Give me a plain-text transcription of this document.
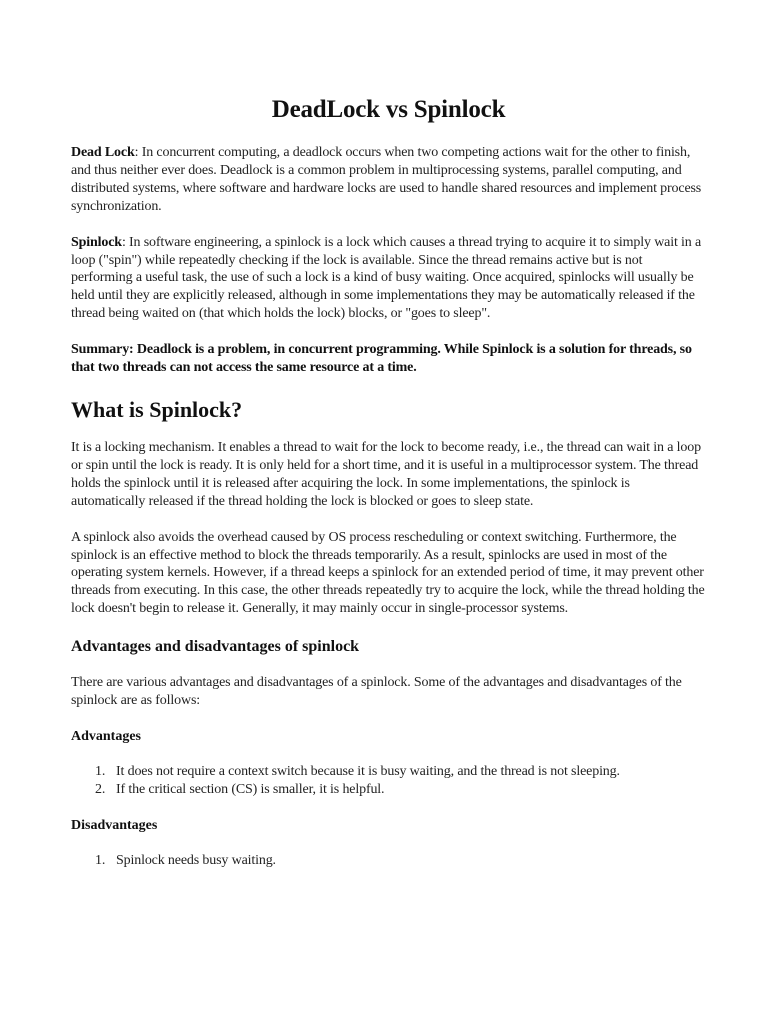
DeadLock vs Spinlock

Dead Lock: In concurrent computing, a deadlock occurs when two competing actions wait for the other to finish, and thus neither ever does. Deadlock is a common problem in multiprocessing systems, parallel computing, and distributed systems, where software and hardware locks are used to handle shared resources and implement process synchronization.

Spinlock: In software engineering, a spinlock is a lock which causes a thread trying to acquire it to simply wait in a loop ("spin") while repeatedly checking if the lock is available. Since the thread remains active but is not performing a useful task, the use of such a lock is a kind of busy waiting. Once acquired, spinlocks will usually be held until they are explicitly released, although in some implementations they may be automatically released if the thread being waited on (that which holds the lock) blocks, or "goes to sleep".

Summary: Deadlock is a problem, in concurrent programming. While Spinlock is a solution for threads, so that two threads can not access the same resource at a time.

What is Spinlock?

It is a locking mechanism. It enables a thread to wait for the lock to become ready, i.e., the thread can wait in a loop or spin until the lock is ready. It is only held for a short time, and it is useful in a multiprocessor system. The thread holds the spinlock until it is released after acquiring the lock. In some implementations, the spinlock is automatically released if the thread holding the lock is blocked or goes to sleep state.

A spinlock also avoids the overhead caused by OS process rescheduling or context switching. Furthermore, the spinlock is an effective method to block the threads temporarily. As a result, spinlocks are used in most of the operating system kernels. However, if a thread keeps a spinlock for an extended period of time, it may prevent other threads from executing. In this case, the other threads repeatedly try to acquire the lock, while the thread holding the lock doesn't begin to release it. Generally, it may mainly occur in single-processor systems.

Advantages and disadvantages of spinlock

There are various advantages and disadvantages of a spinlock. Some of the advantages and disadvantages of the spinlock are as follows:

Advantages
1. It does not require a context switch because it is busy waiting, and the thread is not sleeping.
2. If the critical section (CS) is smaller, it is helpful.
Disadvantages
1. Spinlock needs busy waiting.
